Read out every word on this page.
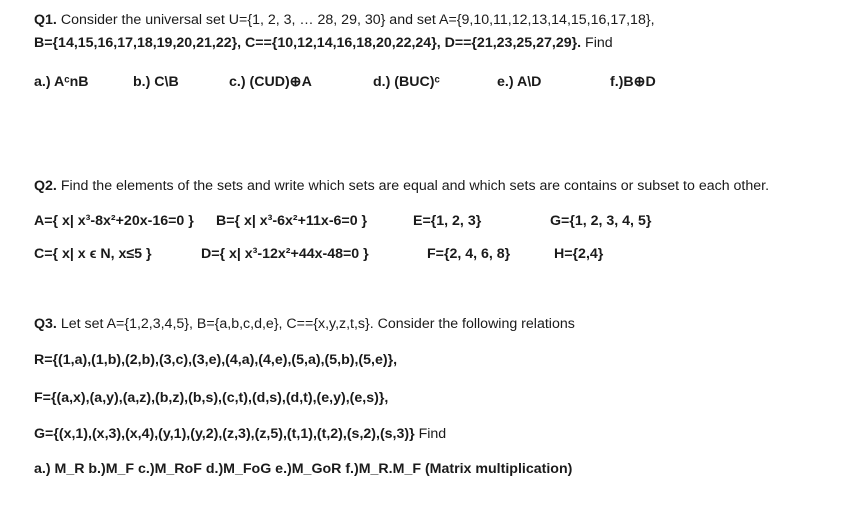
Q1. Consider the universal set U={1, 2, 3, … 28, 29, 30} and set A={9,10,11,12,13,14,15,16,17,18},
B={14,15,16,17,18,19,20,21,22}, C=={10,12,14,16,18,20,22,24}, D=={21,23,25,27,29}. Find
a.) AᶜnB	b.) C\B	c.) (CUD)⊕A	d.) (BUC)ᶜ	e.) A\D	f.)B⊕D
Q2. Find the elements of the sets and write which sets are equal and which sets are contains or subset to each other.
A={ x| x³-8x²+20x-16=0 } B={ x| x³-6x²+11x-6=0 }	E={1, 2, 3}	G={1, 2, 3, 4, 5}
C={ x| x ϵ N, x≤5 }	D={ x| x³-12x²+44x-48=0 }	F={2, 4, 6, 8}	H={2,4}
Q3. Let set A={1,2,3,4,5}, B={a,b,c,d,e}, C=={x,y,z,t,s}. Consider the following relations
R={(1,a),(1,b),(2,b),(3,c),(3,e),(4,a),(4,e),(5,a),(5,b),(5,e)},
F={(a,x),(a,y),(a,z),(b,z),(b,s),(c,t),(d,s),(d,t),(e,y),(e,s)},
G={(x,1),(x,3),(x,4),(y,1),(y,2),(z,3),(z,5),(t,1),(t,2),(s,2),(s,3)} Find
a.) M_R b.)M_F c.)M_RoF d.)M_FoG e.)M_GoR f.)M_R.M_F (Matrix multiplication)
